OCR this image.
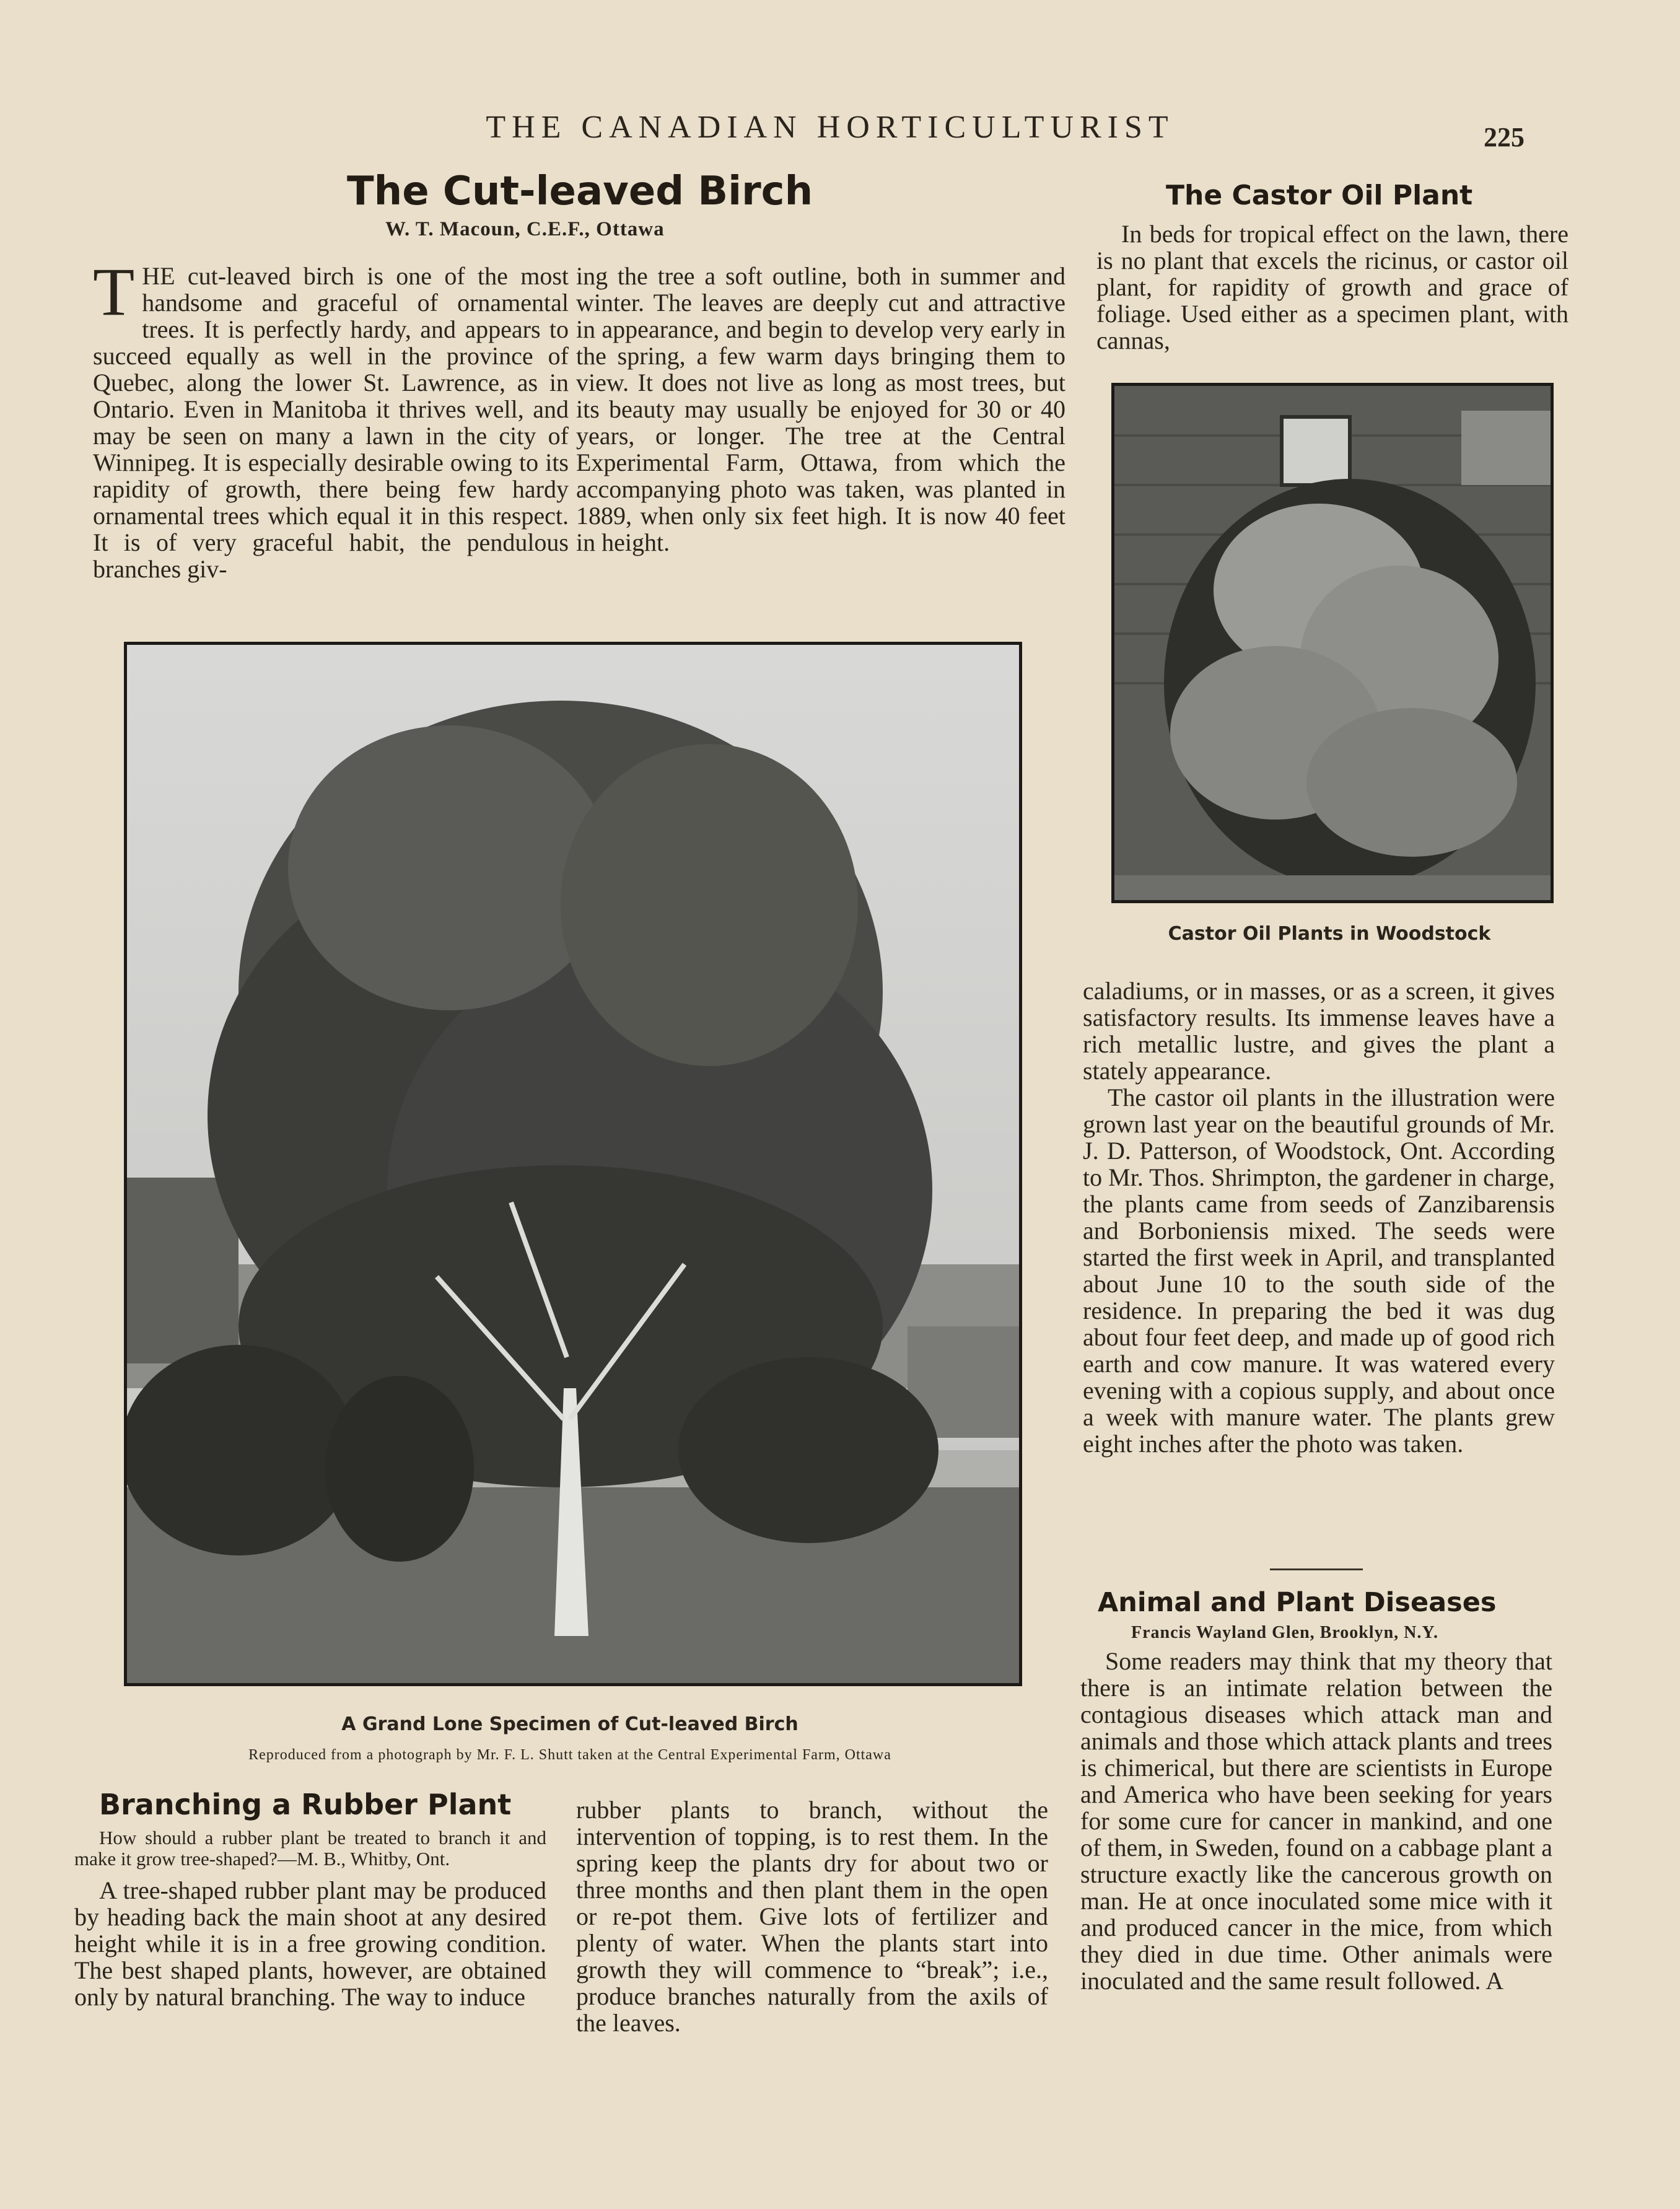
THE CANADIAN HORTICULTURIST	225
The Cut-leaved Birch
W. T. Macoun, C.E.F., Ottawa

THE cut-leaved birch is one of the most handsome and graceful of ornamental trees. It is perfectly hardy, and appears to succeed equally as well in the province of Quebec, along the lower St. Lawrence, as in Ontario. Even in Manitoba it thrives well, and may be seen on many a lawn in the city of Winnipeg. It is especially desirable owing to its rapidity of growth, there being few hardy ornamental trees which equal it in this respect. It is of very graceful habit, the pendulous branches giv-

ing the tree a soft outline, both in summer and winter. The leaves are deeply cut and attractive in appearance, and begin to develop very early in the spring, a few warm days bringing them to view. It does not live as long as most trees, but its beauty may usually be enjoyed for 30 or 40 years, or longer. The tree at the Central Experimental Farm, Ottawa, from which the accompanying photo was taken, was planted in 1889, when only six feet high. It is now 40 feet in height.

A Grand Lone Specimen of Cut-leaved Birch
Reproduced from a photograph by Mr. F. L. Shutt taken at the Central Experimental Farm, Ottawa
The Castor Oil Plant

In beds for tropical effect on the lawn, there is no plant that excels the ricinus, or castor oil plant, for rapidity of growth and grace of foliage. Used either as a specimen plant, with cannas,

Castor Oil Plants in Woodstock

caladiums, or in masses, or as a screen, it gives satisfactory results. Its immense leaves have a rich metallic lustre, and gives the plant a stately appearance.

The castor oil plants in the illustration were grown last year on the beautiful grounds of Mr. J. D. Patterson, of Woodstock, Ont. According to Mr. Thos. Shrimpton, the gardener in charge, the plants came from seeds of Zanzibarensis and Borboniensis mixed. The seeds were started the first week in April, and transplanted about June 10 to the south side of the residence. In preparing the bed it was dug about four feet deep, and made up of good rich earth and cow manure. It was watered every evening with a copious supply, and about once a week with manure water. The plants grew eight inches after the photo was taken.

Animal and Plant Diseases
Francis Wayland Glen, Brooklyn, N.Y.

Some readers may think that my theory that there is an intimate relation between the contagious diseases which attack man and animals and those which attack plants and trees is chimerical, but there are scientists in Europe and America who have been seeking for years for some cure for cancer in mankind, and one of them, in Sweden, found on a cabbage plant a structure exactly like the cancerous growth on man. He at once inoculated some mice with it and produced cancer in the mice, from which they died in due time. Other animals were inoculated and the same result followed. A

Branching a Rubber Plant

How should a rubber plant be treated to branch it and make it grow tree-shaped?—M. B., Whitby, Ont.

A tree-shaped rubber plant may be produced by heading back the main shoot at any desired height while it is in a free growing condition. The best shaped plants, however, are obtained only by natural branching. The way to induce

rubber plants to branch, without the intervention of topping, is to rest them. In the spring keep the plants dry for about two or three months and then plant them in the open or re-pot them. Give lots of fertilizer and plenty of water. When the plants start into growth they will commence to “break”; i.e., produce branches naturally from the axils of the leaves.
